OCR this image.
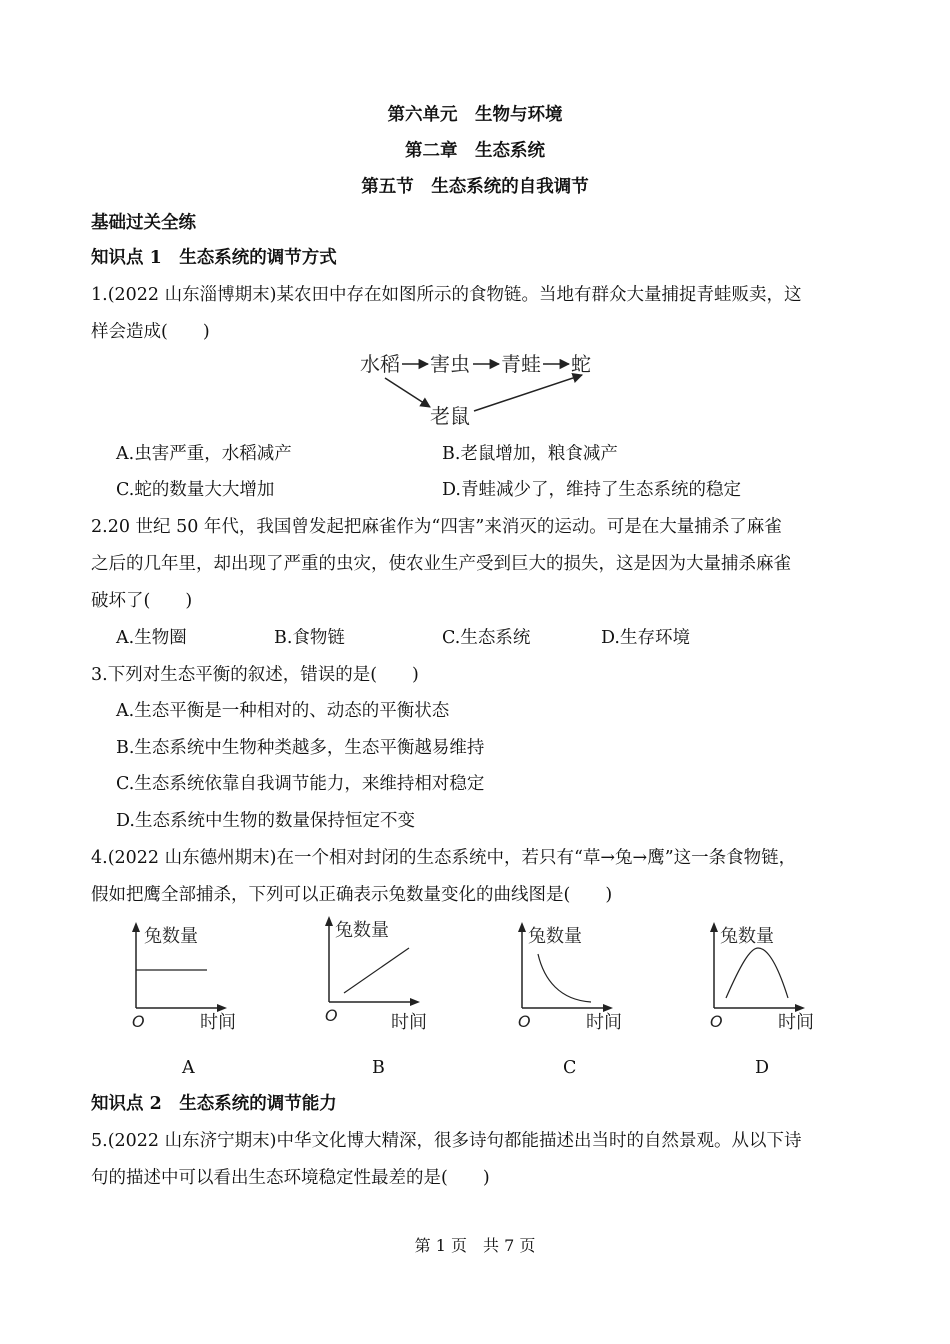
第六单元　生物与环境
第二章　生态系统
第五节　生态系统的自我调节
基础过关全练
知识点 1　生态系统的调节方式
1.(2022 山东淄博期末)某农田中存在如图所示的食物链。当地有群众大量捕捉青蛙贩卖，这
样会造成(　　)
水稻 害虫 青蛙 蛇
老鼠
A.虫害严重，水稻减产	B.老鼠增加，粮食减产
C.蛇的数量大大增加	D.青蛙减少了，维持了生态系统的稳定
2.20 世纪 50 年代，我国曾发起把麻雀作为“四害”来消灭的运动。可是在大量捕杀了麻雀
之后的几年里，却出现了严重的虫灾，使农业生产受到巨大的损失，这是因为大量捕杀麻雀
破坏了(　　)
A.生物圈	B.食物链	C.生态系统	D.生存环境
3.下列对生态平衡的叙述，错误的是(　　)
A.生态平衡是一种相对的、动态的平衡状态
B.生态系统中生物种类越多，生态平衡越易维持
C.生态系统依靠自我调节能力，来维持相对稳定
D.生态系统中生物的数量保持恒定不变
4.(2022 山东德州期末)在一个相对封闭的生态系统中，若只有“草→兔→鹰”这一条食物链，
假如把鹰全部捕杀，下列可以正确表示兔数量变化的曲线图是(　　)
兔数量
时间
O
兔数量
时间
O
兔数量
时间
O
兔数量
时间
O
A	B	C	D
知识点 2　生态系统的调节能力
5.(2022 山东济宁期末)中华文化博大精深，很多诗句都能描述出当时的自然景观。从以下诗
句的描述中可以看出生态环境稳定性最差的是(　　)
第 1 页　共 7 页
